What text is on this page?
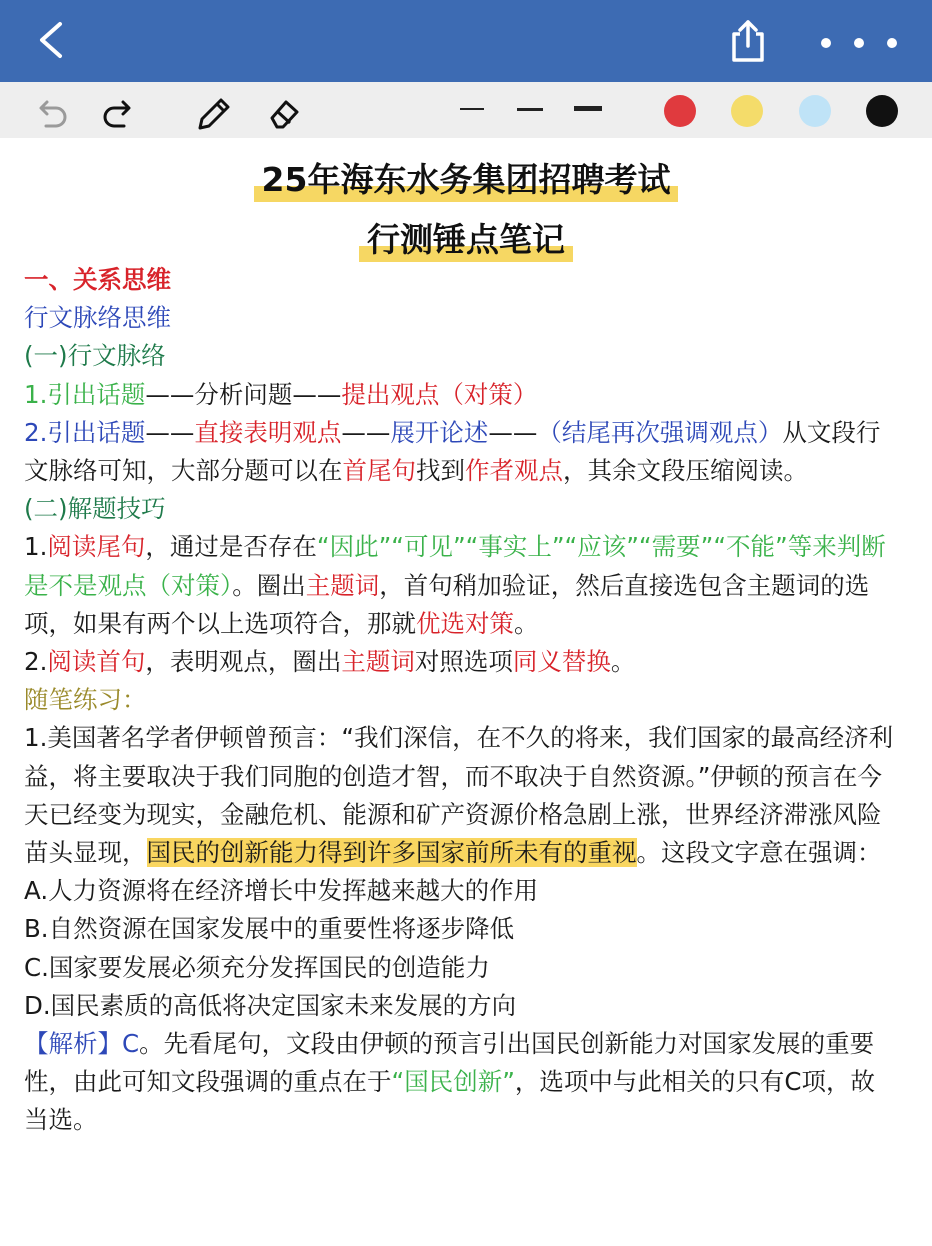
25年海东水务集团招聘考试
行测锤点笔记

一、关系思维

行文脉络思维

(一)行文脉络

1.引出话题——分析问题——提出观点（对策）

2.引出话题——直接表明观点——展开论述——（结尾再次强调观点）从文段行文脉络可知，大部分题可以在首尾句找到作者观点，其余文段压缩阅读。

(二)解题技巧

1.阅读尾句，通过是否存在“因此”“可见”“事实上”“应该”“需要”“不能”等来判断是不是观点（对策）。圈出主题词，首句稍加验证，然后直接选包含主题词的选项，如果有两个以上选项符合，那就优选对策。

2.阅读首句，表明观点，圈出主题词对照选项同义替换。

随笔练习：

1.美国著名学者伊顿曾预言：“我们深信，在不久的将来，我们国家的最高经济利益，将主要取决于我们同胞的创造才智，而不取决于自然资源。”伊顿的预言在今天已经变为现实，金融危机、能源和矿产资源价格急剧上涨，世界经济滞涨风险苗头显现，国民的创新能力得到许多国家前所未有的重视。这段文字意在强调：

A.人力资源将在经济增长中发挥越来越大的作用

B.自然资源在国家发展中的重要性将逐步降低

C.国家要发展必须充分发挥国民的创造能力

D.国民素质的高低将决定国家未来发展的方向

【解析】C。先看尾句，文段由伊顿的预言引出国民创新能力对国家发展的重要性，由此可知文段强调的重点在于“国民创新”，选项中与此相关的只有C项，故当选。
